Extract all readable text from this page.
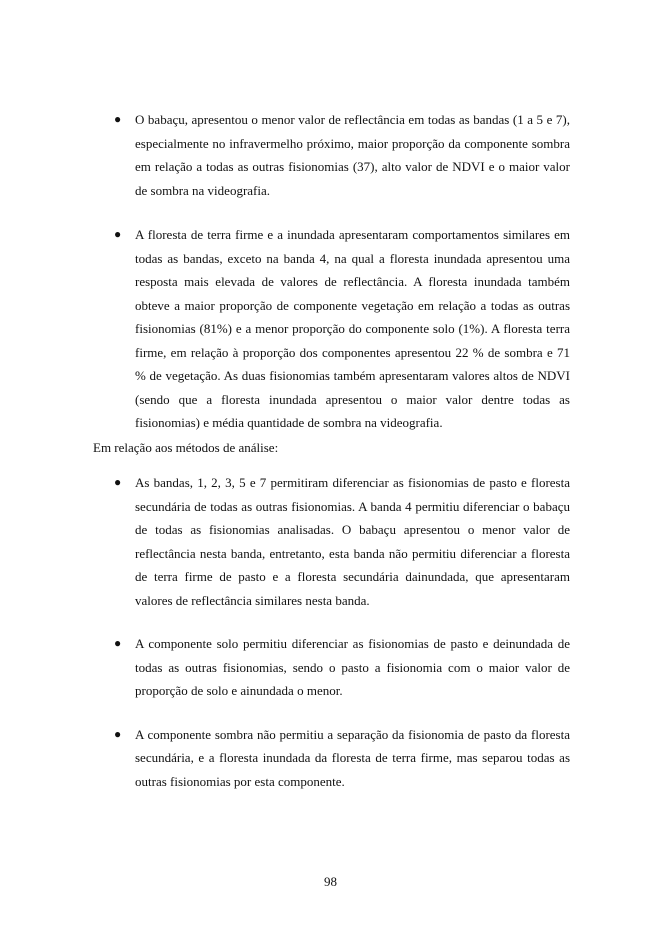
● O babaçu, apresentou o menor valor de reflectância em todas as bandas (1 a 5 e 7), especialmente no infravermelho próximo, maior proporção da componente sombra em relação a todas as outras fisionomias (37), alto valor de NDVI e o maior valor de sombra na videografia.
● A floresta de terra firme e a inundada apresentaram comportamentos similares em todas as bandas, exceto na banda 4, na qual a floresta inundada apresentou uma resposta mais elevada de valores de reflectância. A floresta inundada também obteve a maior proporção de componente vegetação em relação a todas as outras fisionomias (81%) e a menor proporção do componente solo (1%). A floresta terra firme, em relação à proporção dos componentes apresentou 22 % de sombra e 71 % de vegetação. As duas fisionomias também apresentaram valores altos de NDVI (sendo que a floresta inundada apresentou o maior valor dentre todas as fisionomias) e média quantidade de sombra na videografia.

Em relação aos métodos de análise:

● As bandas, 1, 2, 3, 5 e 7 permitiram diferenciar as fisionomias de pasto e floresta secundária de todas as outras fisionomias. A banda 4 permitiu diferenciar o babaçu de todas as fisionomias analisadas. O babaçu apresentou o menor valor de reflectância nesta banda, entretanto, esta banda não permitiu diferenciar a floresta de terra firme de pasto e a floresta secundária dainundada, que apresentaram valores de reflectância similares nesta banda.
● A componente solo permitiu diferenciar as fisionomias de pasto e deinundada de todas as outras fisionomias, sendo o pasto a fisionomia com o maior valor de proporção de solo e ainundada o menor.
● A componente sombra não permitiu a separação da fisionomia de pasto da floresta secundária, e a floresta inundada da floresta de terra firme, mas separou todas as outras fisionomias por esta componente.
98
